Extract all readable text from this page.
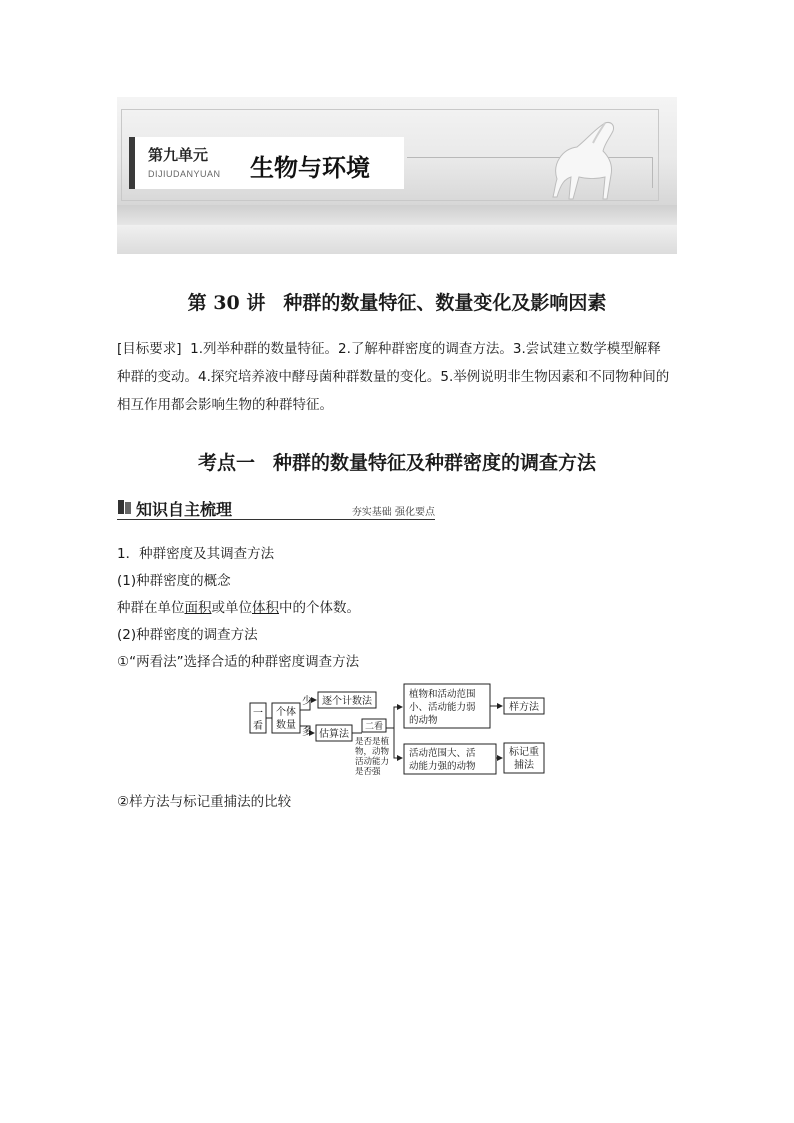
第九单元
DIJIUDANYUAN 生物与环境
第 30 讲 种群的数量特征、数量变化及影响因素
[目标要求] 1.列举种群的数量特征。2.了解种群密度的调查方法。3.尝试建立数学模型解释
种群的变动。4.探究培养液中酵母菌种群数量的变化。5.举例说明非生物因素和不同物种间的
相互作用都会影响生物的种群特征。
考点一 种群的数量特征及种群密度的调查方法
知识自主梳理	夯实基础 强化要点
1．种群密度及其调查方法
(1)种群密度的概念
种群在单位面积或单位体积中的个体数。
(2)种群密度的调查方法
①“两看法”选择合适的种群密度调查方法
一
看
个体
数量
少
多
逐个计数法
估算法
二看
是否是植
物，动物
活动能力
是否强
植物和活动范围
小、活动能力弱
的动物
活动范围大、活
动能力强的动物
样方法
标记重
捕法
②样方法与标记重捕法的比较
